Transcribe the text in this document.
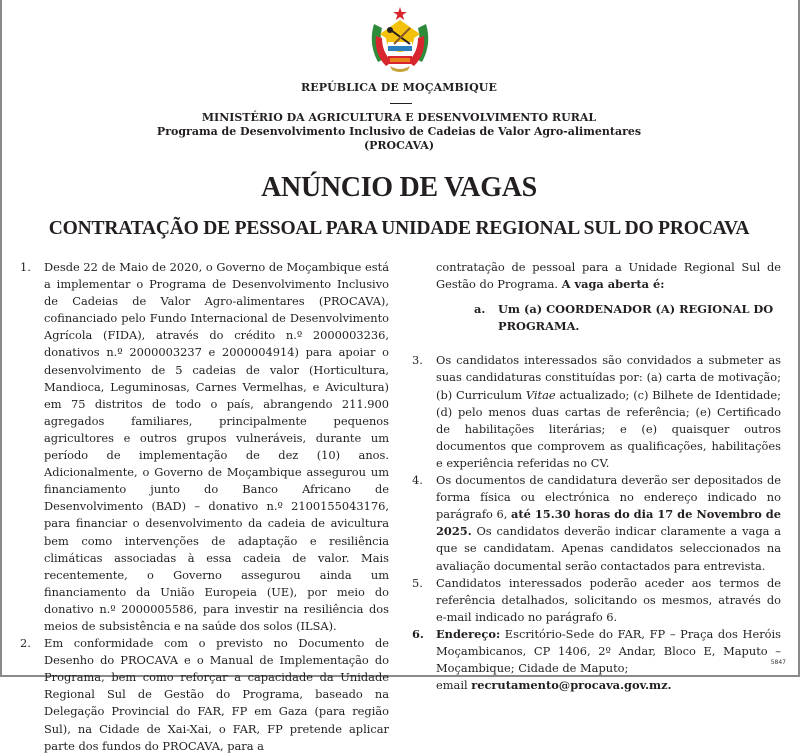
REPÚBLICA DE MOÇAMBIQUE
MINISTÉRIO DA AGRICULTURA E DESENVOLVIMENTO RURAL
Programa de Desenvolvimento Inclusivo de Cadeias de Valor Agro-alimentares
(PROCAVA)
ANÚNCIO DE VAGAS
CONTRATAÇÃO DE PESSOAL PARA UNIDADE REGIONAL SUL DO PROCAVA
1. Desde 22 de Maio de 2020, o Governo de Moçambique está a implementar o Programa de Desenvolvimento Inclusivo de Cadeias de Valor Agro-alimentares (PROCAVA), cofinanciado pelo Fundo Internacional de Desenvolvimento Agrícola (FIDA), através do crédito n.º 2000003236, donativos n.º 2000003237 e 2000004914) para apoiar o desenvolvimento de 5 cadeias de valor (Horticultura, Mandioca, Leguminosas, Carnes Vermelhas, e Avicultura) em 75 distritos de todo o país, abrangendo 211.900 agregados familiares, principalmente pequenos agricultores e outros grupos vulneráveis, durante um período de implementação de dez (10) anos. Adicionalmente, o Governo de Moçambique assegurou um financiamento junto do Banco Africano de Desenvolvimento (BAD) – donativo n.º 2100155043176, para financiar o desenvolvimento da cadeia de avicultura bem como intervenções de adaptação e resiliência climáticas associadas à essa cadeia de valor. Mais recentemente, o Governo assegurou ainda um financiamento da União Europeia (UE), por meio do donativo n.º 2000005586, para investir na resiliência dos meios de subsistência e na saúde dos solos (ILSA).
2. Em conformidade com o previsto no Documento de Desenho do PROCAVA e o Manual de Implementação do Programa, bem como reforçar a capacidade da Unidade Regional Sul de Gestão do Programa, baseado na Delegação Provincial do FAR, FP em Gaza (para região Sul), na Cidade de Xai-Xai, o FAR, FP pretende aplicar parte dos fundos do PROCAVA, para a
contratação de pessoal para a Unidade Regional Sul de Gestão do Programa. A vaga aberta é:
a. Um (a) COORDENADOR (A) REGIONAL DO PROGRAMA.
3. Os candidatos interessados são convidados a submeter as suas candidaturas constituídas por: (a) carta de motivação; (b) Curriculum Vitae actualizado; (c) Bilhete de Identidade; (d) pelo menos duas cartas de referência; (e) Certificado de habilitações literárias; e (e) quaisquer outros documentos que comprovem as qualificações, habilitações e experiência referidas no CV.
4. Os documentos de candidatura deverão ser depositados de forma física ou electrónica no endereço indicado no parágrafo 6, até 15.30 horas do dia 17 de Novembro de 2025. Os candidatos deverão indicar claramente a vaga a que se candidatam. Apenas candidatos seleccionados na avaliação documental serão contactados para entrevista.
5. Candidatos interessados poderão aceder aos termos de referência detalhados, solicitando os mesmos, através do e-mail indicado no parágrafo 6.
6. Endereço: Escritório-Sede do FAR, FP – Praça dos Heróis Moçambicanos, CP 1406, 2º Andar, Bloco E, Maputo – Moçambique; Cidade de Maputo;
email recrutamento@procava.gov.mz.
5847
